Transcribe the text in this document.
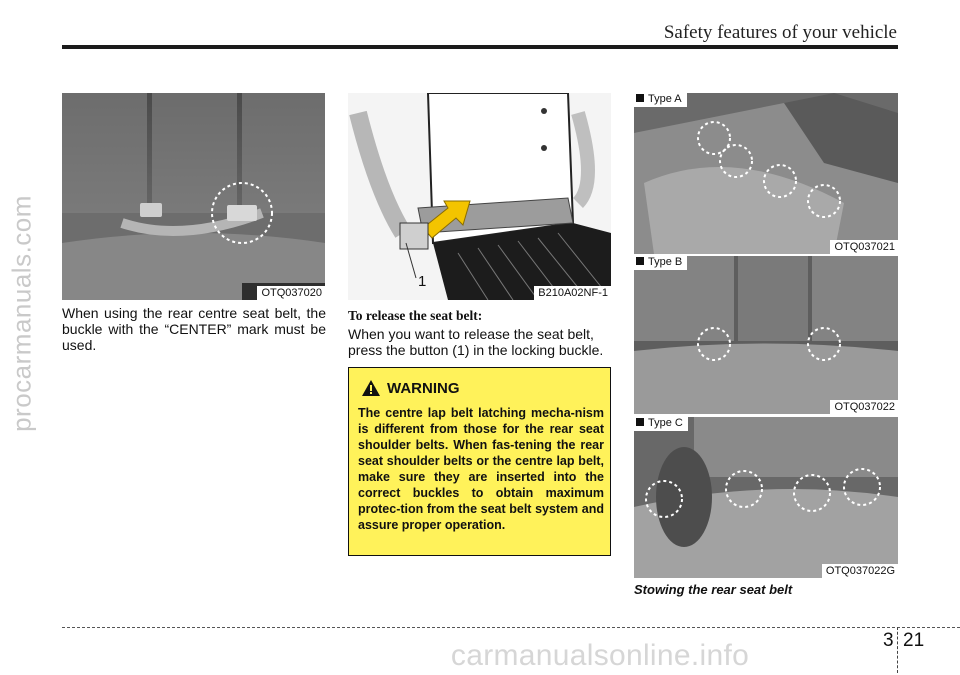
Safety features of your vehicle
procarmanuals.com	OTQ037020
1
B210A02NF-1
Type A
OTQ037021
Type B
OTQ037022
Type C
OTQ037022G
When using the rear centre seat belt, the buckle with the “CENTER” mark must be used.
To release the seat belt:
When you want to release the seat belt, press the button (1) in the locking buckle.
WARNING
The centre lap belt latching mecha-nism is different from those for the rear seat shoulder belts. When fas-tening the rear seat shoulder belts or the centre lap belt, make sure they are inserted into the correct buckles to obtain maximum protec-tion from the seat belt system and assure proper operation.
Stowing the rear seat belt
3 21
carmanualsonline.info
